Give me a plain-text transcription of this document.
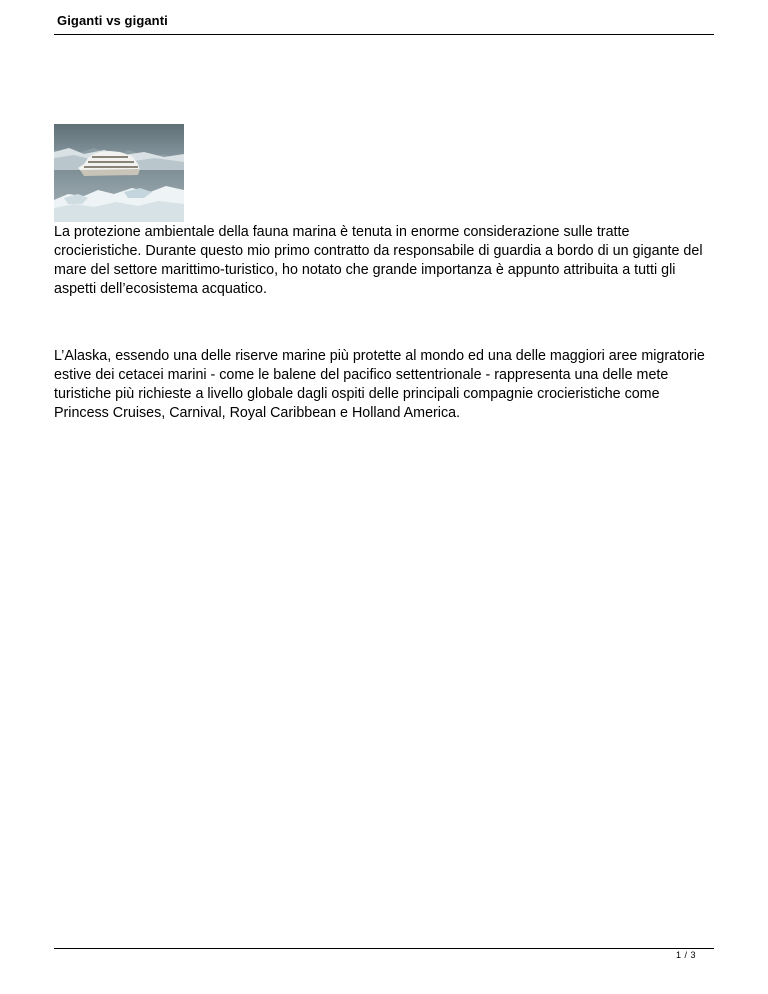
Giganti vs giganti

La protezione ambientale della fauna marina è tenuta in enorme considerazione sulle tratte crocieristiche. Durante questo mio primo contratto da responsabile di guardia a bordo di un gigante del mare del settore marittimo-turistico, ho notato che grande importanza è appunto attribuita a tutti gli aspetti dell’ecosistema acquatico.

L’Alaska, essendo una delle riserve marine più protette al mondo ed una delle maggiori aree migratorie estive dei cetacei marini - come le balene del pacifico settentrionale - rappresenta una delle mete turistiche più richieste a livello globale dagli ospiti delle principali compagnie crocieristiche come Princess Cruises, Carnival, Royal Caribbean e Holland America.

1 / 3
